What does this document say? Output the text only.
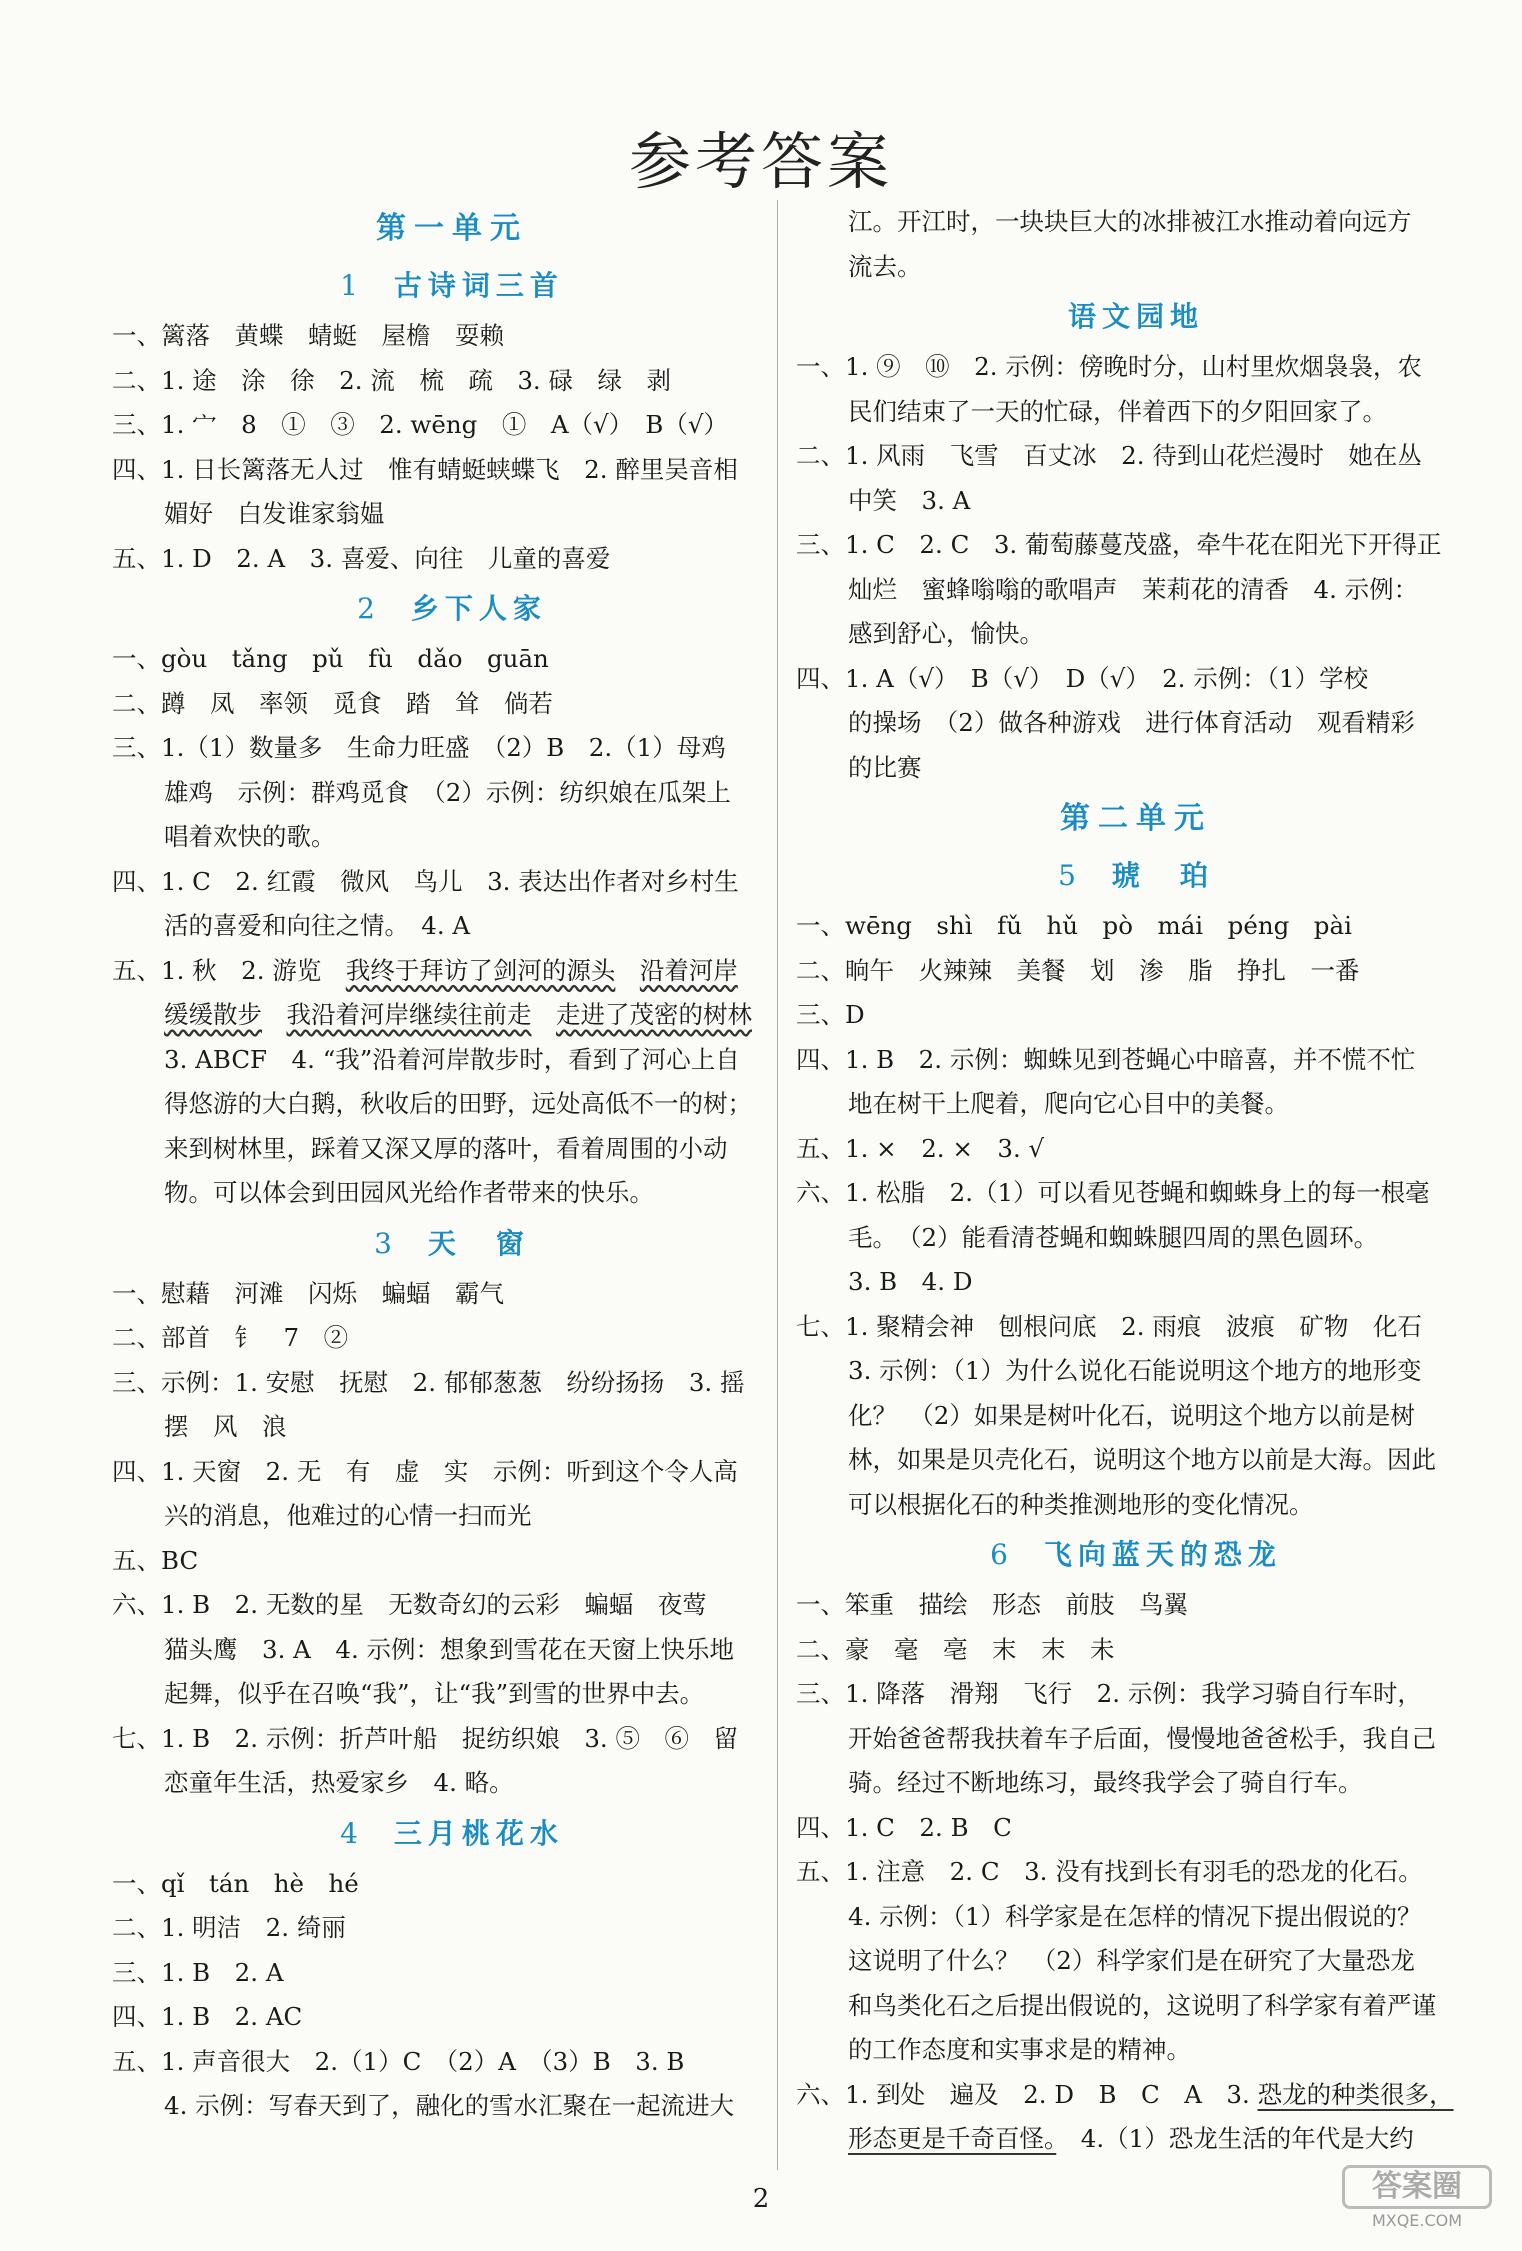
参考答案
第一单元
1 古诗词三首
一、篱落　黄蝶　蜻蜓　屋檐　耍赖
二、1. 途　涂　徐　2. 流　梳　疏　3. 碌　绿　剥
三、1. 宀　8　①　③　2. wēng　①　A（√）　B（√）
四、1. 日长篱落无人过　惟有蜻蜓蛱蝶飞　2. 醉里吴音相
媚好　白发谁家翁媪
五、1. D　2. A　3. 喜爱、向往　儿童的喜爱
2 乡下人家
一、gòu　tǎng　pǔ　fù　dǎo　guān
二、蹲　凤　率领　觅食　踏　耸　倘若
三、1.（1）数量多　生命力旺盛　（2）B　2.（1）母鸡
雄鸡　示例：群鸡觅食　（2）示例：纺织娘在瓜架上
唱着欢快的歌。
四、1. C　2. 红霞　微风　鸟儿　3. 表达出作者对乡村生
活的喜爱和向往之情。　4. A
五、1. 秋　2. 游览　我终于拜访了剑河的源头　 沿着河岸
缓缓散步　 我沿着河岸继续往前走　 走进了茂密的树林
3. ABCF　4. “我”沿着河岸散步时，看到了河心上自
得悠游的大白鹅，秋收后的田野，远处高低不一的树；
来到树林里，踩着又深又厚的落叶，看着周围的小动
物。可以体会到田园风光给作者带来的快乐。
3 天　窗
一、慰藉　河滩　闪烁　蝙蝠　霸气
二、部首　钅　7　②
三、示例：1. 安慰　抚慰　2. 郁郁葱葱　纷纷扬扬　3. 摇
摆　风　浪
四、1. 天窗　2. 无　有　虚　实　示例：听到这个令人高
兴的消息，他难过的心情一扫而光
五、BC
六、1. B　2. 无数的星　无数奇幻的云彩　蝙蝠　夜莺
猫头鹰　3. A　4. 示例：想象到雪花在天窗上快乐地
起舞，似乎在召唤“我”，让“我”到雪的世界中去。
七、1. B　2. 示例：折芦叶船　捉纺织娘　3. ⑤　⑥　留
恋童年生活，热爱家乡　4. 略。
4 三月桃花水
一、qǐ　tán　hè　hé
二、1. 明洁　2. 绮丽
三、1. B　2. A
四、1. B　2. AC
五、1. 声音很大　2.（1）C　（2）A　（3）B　3. B
4. 示例：写春天到了，融化的雪水汇聚在一起流进大
江。开江时，一块块巨大的冰排被江水推动着向远方
流去。
语文园地
一、1. ⑨　⑩　2. 示例：傍晚时分，山村里炊烟袅袅，农
民们结束了一天的忙碌，伴着西下的夕阳回家了。
二、1. 风雨　飞雪　百丈冰　2. 待到山花烂漫时　她在丛
中笑　3. A
三、1. C　2. C　3. 葡萄藤蔓茂盛，牵牛花在阳光下开得正
灿烂　蜜蜂嗡嗡的歌唱声　茉莉花的清香　4. 示例：
感到舒心，愉快。
四、1. A（√）　B（√）　D（√）　2. 示例：（1）学校
的操场　（2）做各种游戏　进行体育活动　观看精彩
的比赛
第二单元
5 琥　珀
一、wēng　shì　fǔ　hǔ　pò　mái　péng　pài
二、晌午　火辣辣　美餐　划　渗　脂　挣扎　一番
三、D
四、1. B　2. 示例：蜘蛛见到苍蝇心中暗喜，并不慌不忙
地在树干上爬着，爬向它心目中的美餐。
五、1. ×　2. ×　3. √
六、1. 松脂　2.（1）可以看见苍蝇和蜘蛛身上的每一根毫
毛。　（2）能看清苍蝇和蜘蛛腿四周的黑色圆环。
3. B　4. D
七、1. 聚精会神　刨根问底　2. 雨痕　波痕　矿物　化石
3. 示例：（1）为什么说化石能说明这个地方的地形变
化？　（2）如果是树叶化石，说明这个地方以前是树
林，如果是贝壳化石，说明这个地方以前是大海。因此
可以根据化石的种类推测地形的变化情况。
6 飞向蓝天的恐龙
一、笨重　描绘　形态　前肢　鸟翼
二、豪　毫　亳　末　末　未
三、1. 降落　滑翔　飞行　2. 示例：我学习骑自行车时，
开始爸爸帮我扶着车子后面，慢慢地爸爸松手，我自己
骑。经过不断地练习，最终我学会了骑自行车。
四、1. C　2. B　C
五、1. 注意　2. C　3. 没有找到长有羽毛的恐龙的化石。
4. 示例：（1）科学家是在怎样的情况下提出假说的？
这说明了什么？　（2）科学家们是在研究了大量恐龙
和鸟类化石之后提出假说的，这说明了科学家有着严谨
的工作态度和实事求是的精神。
六、1. 到处　遍及　2. D　B　C　A　3. 恐龙的种类很多，
形态更是千奇百怪。　4.（1）恐龙生活的年代是大约
2	答案圈
MXQE.COM
